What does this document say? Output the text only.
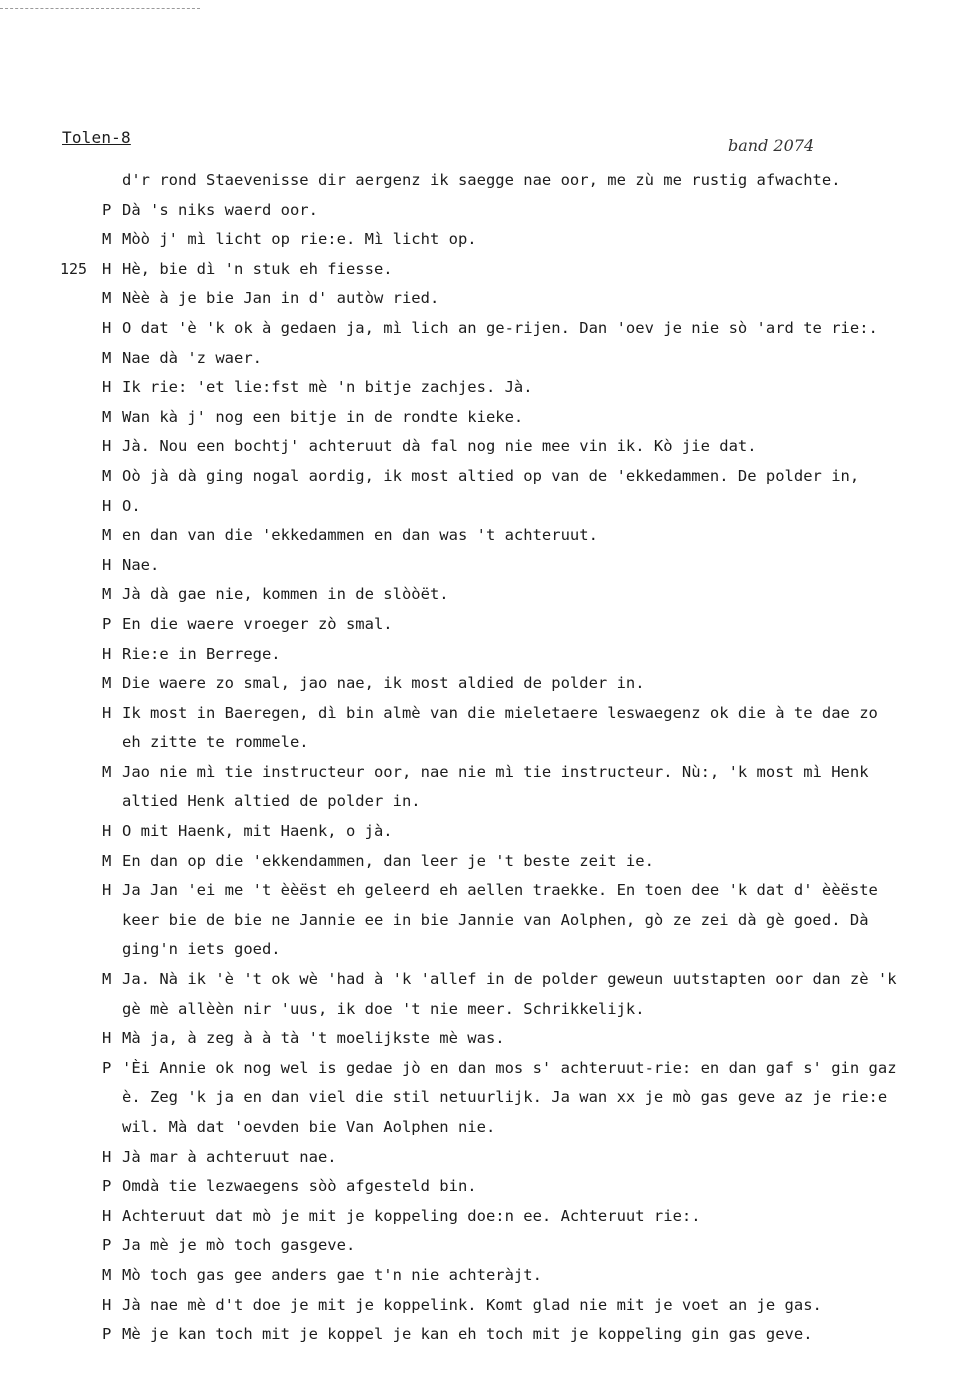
Tolen-8	band 2074
d'r rond Staevenisse dir aergenz ik saegge nae oor, me zù me rustig afwachte.
P Dà 's niks waerd oor.
M Mòò j' mì licht op rie:e. Mì licht op.
125 H Hè, bie dì 'n stuk eh fiesse.
M Nèè à je bie Jan in d' autòw ried.
H O dat 'è 'k ok à gedaen ja, mì lich an ge-rijen. Dan 'oev je nie sò 'ard te rie:.
M Nae dà 'z waer.
H Ik rie: 'et lie:fst mè 'n bitje zachjes. Jà.
M Wan kà j' nog een bitje in de rondte kieke.
H Jà. Nou een bochtj' achteruut dà fal nog nie mee vin ik. Kò jie dat.
M Oò jà dà ging nogal aordig, ik most altied op van de 'ekkedammen. De polder in,
H O.
M en dan van die 'ekkedammen en dan was 't achteruut.
H Nae.
M Jà dà gae nie, kommen in de slòòët.
P En die waere vroeger zò smal.
H Rie:e in Berrege.
M Die waere zo smal, jao nae, ik most aldied de polder in.
H Ik most in Baeregen, dì bin almè van die mieletaere leswaegenz ok die à te dae zo
eh zitte te rommele.
M Jao nie mì tie instructeur oor, nae nie mì tie instructeur. Nù:, 'k most mì Henk
altied Henk altied de polder in.
H O mit Haenk, mit Haenk, o jà.
M En dan op die 'ekkendammen, dan leer je 't beste zeit ie.
H Ja Jan 'ei me 't èèëst eh geleerd eh aellen traekke. En toen dee 'k dat d' èèëste
keer bie de bie ne Jannie ee in bie Jannie van Aolphen, gò ze zei dà gè goed. Dà
ging'n iets goed.
M Ja. Nà ik 'è 't ok wè 'had à 'k 'allef in de polder geweun uutstapten oor dan zè 'k
gè mè allèèn nir 'uus, ik doe 't nie meer. Schrikkelijk.
H Mà ja, à zeg à à tà 't moelijkste mè was.
P 'Èi Annie ok nog wel is gedae jò en dan mos s' achteruut-rie: en dan gaf s' gin gaz
è. Zeg 'k ja en dan viel die stil netuurlijk. Ja wan xx je mò gas geve az je rie:e
wil. Mà dat 'oevden bie Van Aolphen nie.
H Jà mar à achteruut nae.
P Omdà tie lezwaegens sòò afgesteld bin.
H Achteruut dat mò je mit je koppeling doe:n ee. Achteruut rie:.
P Ja mè je mò toch gasgeve.
M Mò toch gas gee anders gae t'n nie achteràjt.
H Jà nae mè d't doe je mit je koppelink. Komt glad nie mit je voet an je gas.
P Mè je kan toch mit je koppel je kan eh toch mit je koppeling gin gas geve.
